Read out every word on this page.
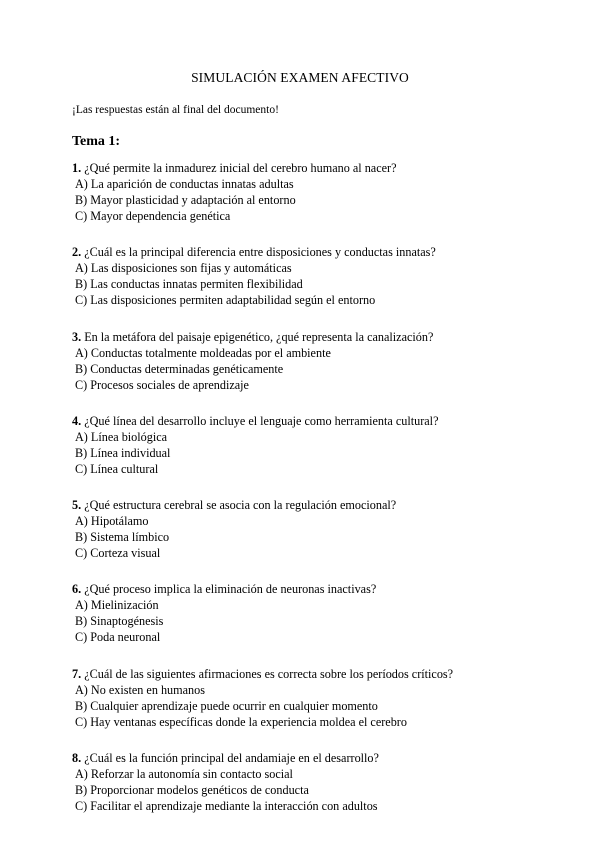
SIMULACIÓN EXAMEN AFECTIVO
¡Las respuestas están al final del documento!
Tema 1:
1. ¿Qué permite la inmadurez inicial del cerebro humano al nacer?
A) La aparición de conductas innatas adultas
B) Mayor plasticidad y adaptación al entorno
C) Mayor dependencia genética
2. ¿Cuál es la principal diferencia entre disposiciones y conductas innatas?
A) Las disposiciones son fijas y automáticas
B) Las conductas innatas permiten flexibilidad
C) Las disposiciones permiten adaptabilidad según el entorno
3. En la metáfora del paisaje epigenético, ¿qué representa la canalización?
A) Conductas totalmente moldeadas por el ambiente
B) Conductas determinadas genéticamente
C) Procesos sociales de aprendizaje
4. ¿Qué línea del desarrollo incluye el lenguaje como herramienta cultural?
A) Línea biológica
B) Línea individual
C) Línea cultural
5. ¿Qué estructura cerebral se asocia con la regulación emocional?
A) Hipotálamo
B) Sistema límbico
C) Corteza visual
6. ¿Qué proceso implica la eliminación de neuronas inactivas?
A) Mielinización
B) Sinaptogénesis
C) Poda neuronal
7. ¿Cuál de las siguientes afirmaciones es correcta sobre los períodos críticos?
A) No existen en humanos
B) Cualquier aprendizaje puede ocurrir en cualquier momento
C) Hay ventanas específicas donde la experiencia moldea el cerebro
8. ¿Cuál es la función principal del andamiaje en el desarrollo?
A) Reforzar la autonomía sin contacto social
B) Proporcionar modelos genéticos de conducta
C) Facilitar el aprendizaje mediante la interacción con adultos
